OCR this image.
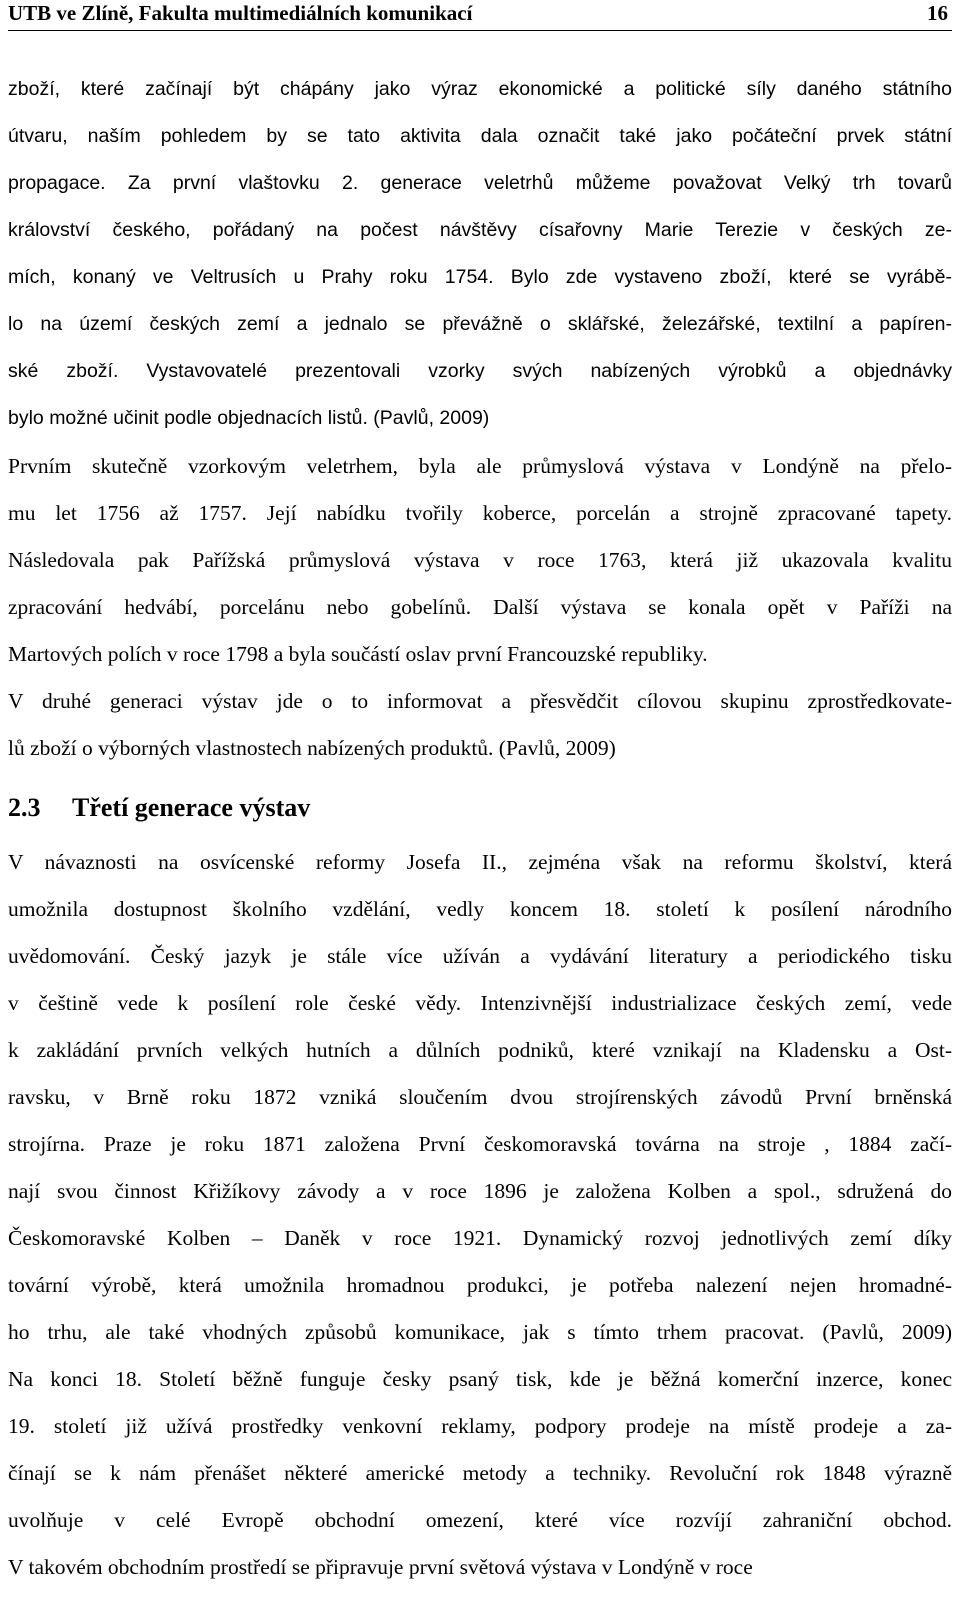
UTB ve Zlíně, Fakulta multimediálních komunikací	16
zboží, které začínají být chápány jako výraz ekonomické a politické síly daného státního
útvaru, naším pohledem by se tato aktivita dala označit také jako počáteční prvek státní
propagace. Za první vlaštovku 2. generace veletrhů můžeme považovat Velký trh tovarů
království českého, pořádaný na počest návštěvy císařovny Marie Terezie v českých ze-
mích, konaný ve Veltrusích u Prahy roku 1754. Bylo zde vystaveno zboží, které se vyrábě-
lo na území českých zemí a jednalo se převážně o sklářské, železářské, textilní a papíren-
ské zboží. Vystavovatelé prezentovali vzorky svých nabízených výrobků a objednávky
bylo možné učinit podle objednacích listů. (Pavlů, 2009)
Prvním skutečně vzorkovým veletrhem, byla ale průmyslová výstava v Londýně na přelo-
mu let 1756 až 1757. Její nabídku tvořily koberce, porcelán a strojně zpracované tapety.
Následovala pak Pařížská průmyslová výstava v roce 1763, která již ukazovala kvalitu
zpracování hedvábí, porcelánu nebo gobelínů. Další výstava se konala opět v Paříži na
Martových polích v roce 1798 a byla součástí oslav první Francouzské republiky.
V druhé generaci výstav jde o to informovat a přesvědčit cílovou skupinu zprostředkovate-
lů zboží o výborných vlastnostech nabízených produktů. (Pavlů, 2009)
2.3 Třetí generace výstav
V návaznosti na osvícenské reformy Josefa II., zejména však na reformu školství, která
umožnila dostupnost školního vzdělání, vedly koncem 18. století k posílení národního
uvědomování. Český jazyk je stále více užíván a vydávání literatury a periodického tisku
v češtině vede k posílení role české vědy. Intenzivnější industrializace českých zemí, vede
k zakládání prvních velkých hutních a důlních podniků, které vznikají na Kladensku a Ost-
ravsku, v Brně roku 1872 vzniká sloučením dvou strojírenských závodů První brněnská
strojírna. Praze je roku 1871 založena První českomoravská továrna na stroje , 1884 začí-
nají svou činnost Křižíkovy závody a v roce 1896 je založena Kolben a spol., sdružená do
Českomoravské Kolben – Daněk v roce 1921. Dynamický rozvoj jednotlivých zemí díky
tovární výrobě, která umožnila hromadnou produkci, je potřeba nalezení nejen hromadné-
ho trhu, ale také vhodných způsobů komunikace, jak s tímto trhem pracovat. (Pavlů, 2009)
Na konci 18. Století běžně funguje česky psaný tisk, kde je běžná komerční inzerce, konec
19. století již užívá prostředky venkovní reklamy, podpory prodeje na místě prodeje a za-
čínají se k nám přenášet některé americké metody a techniky. Revoluční rok 1848 výrazně
uvolňuje v celé Evropě obchodní omezení, které více rozvíjí zahraniční obchod.
V takovém obchodním prostředí se připravuje první světová výstava v Londýně v roce
